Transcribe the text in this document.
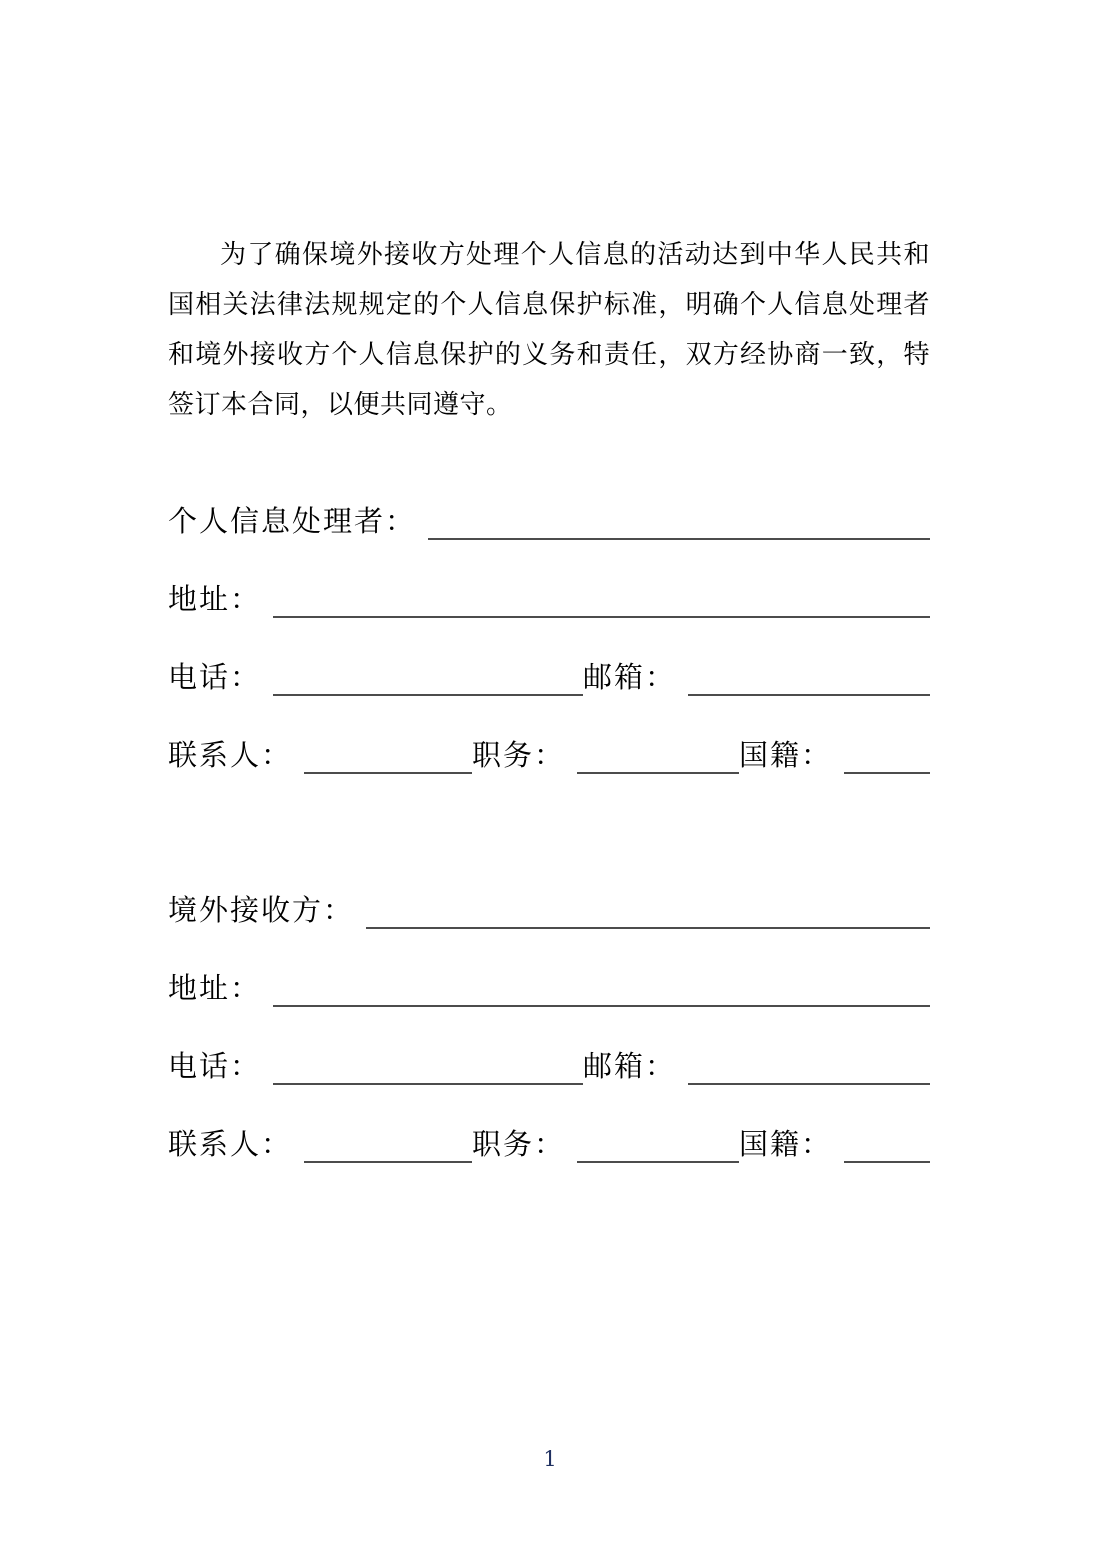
为了确保境外接收方处理个人信息的活动达到中华人民共和国相关法律法规规定的个人信息保护标准，明确个人信息处理者和境外接收方个人信息保护的义务和责任，双方经协商一致，特签订本合同，以便共同遵守。

个人信息处理者：
地址：
电话：	邮箱：
联系人：	职务：	国籍：
境外接收方：
地址：
电话：	邮箱：
联系人：	职务：	国籍：
1
